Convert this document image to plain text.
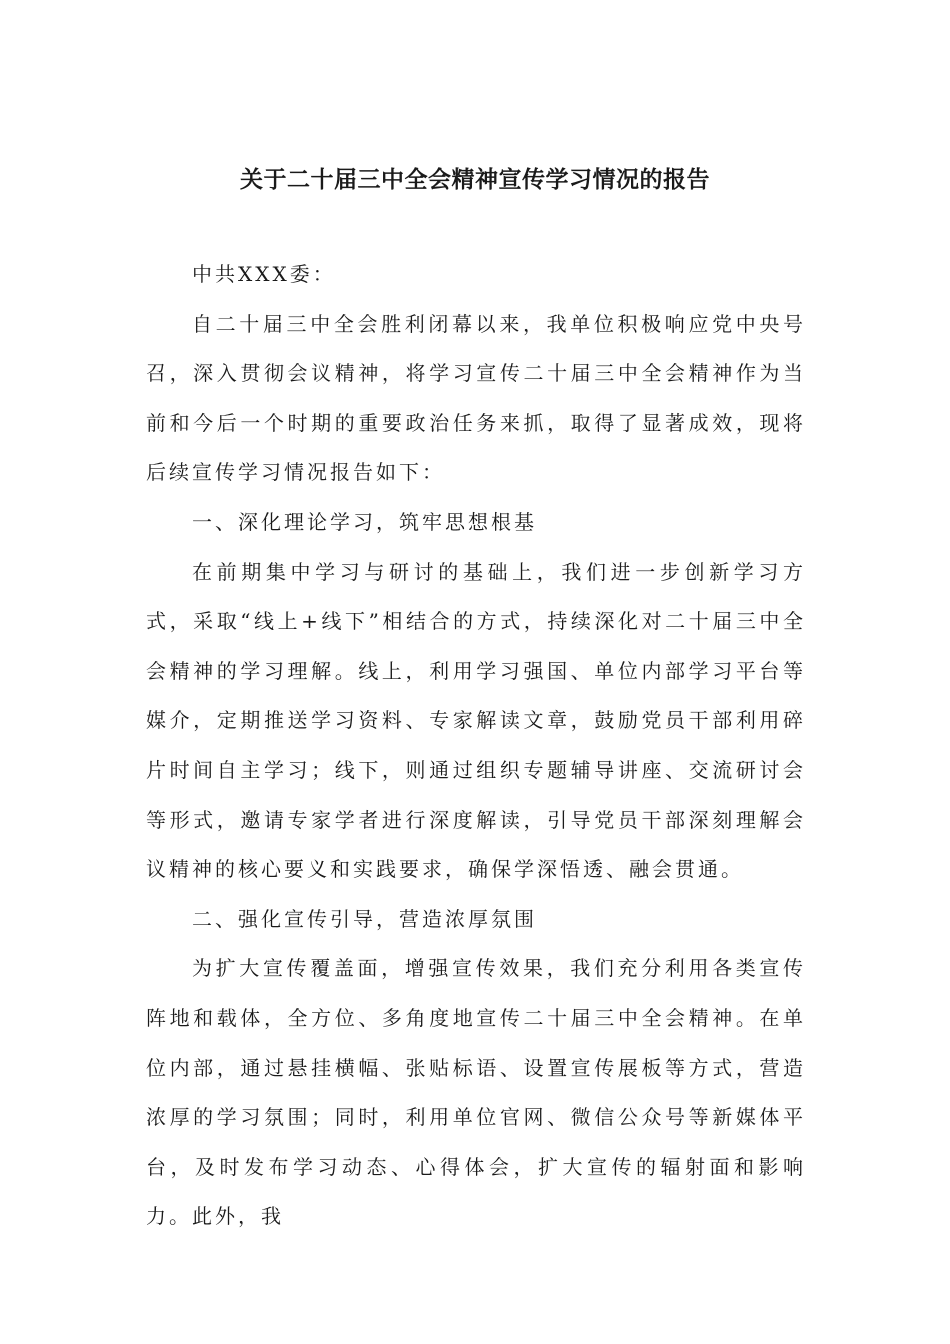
关于二十届三中全会精神宣传学习情况的报告

中共XXX委：

自二十届三中全会胜利闭幕以来，我单位积极响应党中央号召，深入贯彻会议精神，将学习宣传二十届三中全会精神作为当前和今后一个时期的重要政治任务来抓，取得了显著成效，现将后续宣传学习情况报告如下：

一、深化理论学习，筑牢思想根基

在前期集中学习与研讨的基础上，我们进一步创新学习方式，采取“线上+线下”相结合的方式，持续深化对二十届三中全会精神的学习理解。线上，利用学习强国、单位内部学习平台等媒介，定期推送学习资料、专家解读文章，鼓励党员干部利用碎片时间自主学习；线下，则通过组织专题辅导讲座、交流研讨会等形式，邀请专家学者进行深度解读，引导党员干部深刻理解会议精神的核心要义和实践要求，确保学深悟透、融会贯通。

二、强化宣传引导，营造浓厚氛围

为扩大宣传覆盖面，增强宣传效果，我们充分利用各类宣传阵地和载体，全方位、多角度地宣传二十届三中全会精神。在单位内部，通过悬挂横幅、张贴标语、设置宣传展板等方式，营造浓厚的学习氛围；同时，利用单位官网、微信公众号等新媒体平台，及时发布学习动态、心得体会，扩大宣传的辐射面和影响力。此外，我
